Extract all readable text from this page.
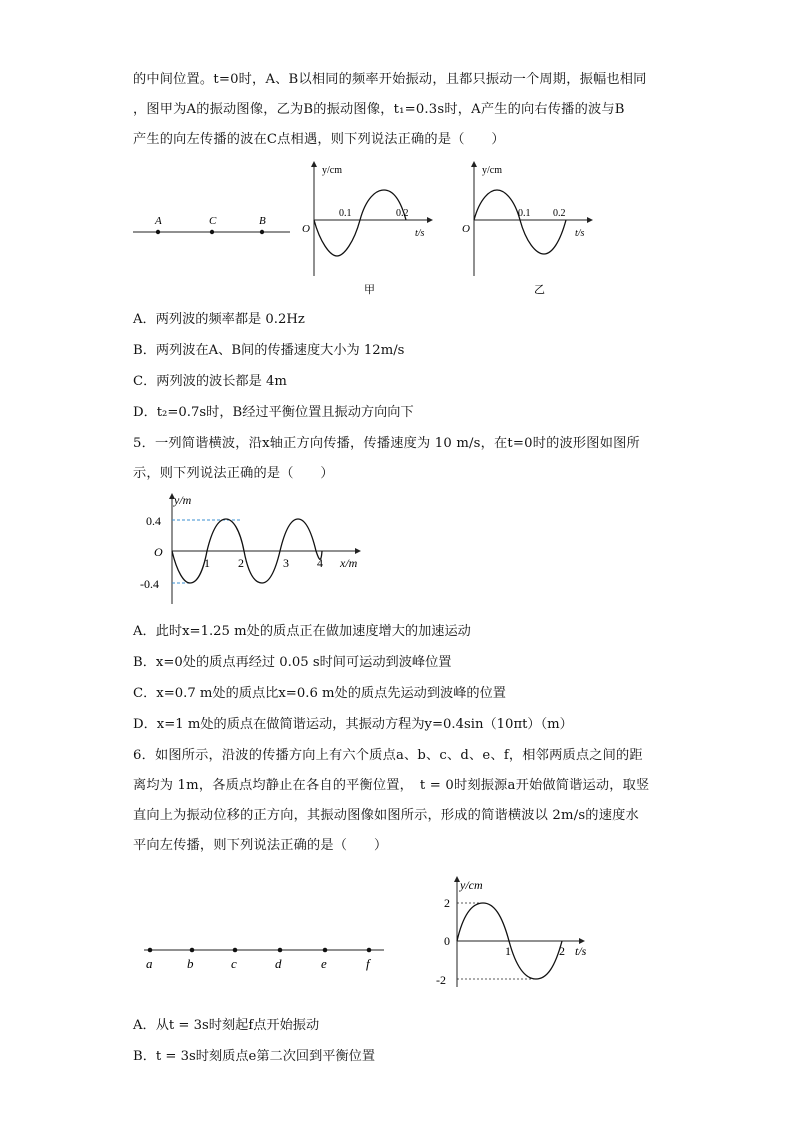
的中间位置。t=0时，A、B以相同的频率开始振动，且都只振动一个周期，振幅也相同
，图甲为A的振动图像，乙为B的振动图像，t₁=0.3s时，A产生的向右传播的波与B
产生的向左传播的波在C点相遇，则下列说法正确的是（　　）
A	C	B
y/cm
O
0.1	0.2
t/s
甲
y/cm
O
0.1 0.2
t/s
乙
A．两列波的频率都是 0.2Hz
B．两列波在A、B间的传播速度大小为 12m/s
C．两列波的波长都是 4m
D．t₂=0.7s时，B经过平衡位置且振动方向向下
5．一列简谐横波，沿x轴正方向传播，传播速度为 10 m/s，在t=0时的波形图如图所
示，则下列说法正确的是（　　）
y/m
O
0.4
-0.4
1 2	3 4 x/m
A．此时x=1.25 m处的质点正在做加速度增大的加速运动
B．x=0处的质点再经过 0.05 s时间可运动到波峰位置
C．x=0.7 m处的质点比x=0.6 m处的质点先运动到波峰的位置
D．x=1 m处的质点在做简谐运动，其振动方程为y=0.4sin（10πt）（m）
6．如图所示，沿波的传播方向上有六个质点a、b、c、d、e、f，相邻两质点之间的距
离均为 1m，各质点均静止在各自的平衡位置，　t = 0时刻振源a开始做简谐运动，取竖
直向上为振动位移的正方向，其振动图像如图所示，形成的简谐横波以 2m/s的速度水
平向左传播，则下列说法正确的是（　　）
a	b	c	d	e	f
y/cm
2
0
-2
1	2 t/s
A．从t = 3s时刻起f点开始振动
B．t = 3s时刻质点e第二次回到平衡位置
